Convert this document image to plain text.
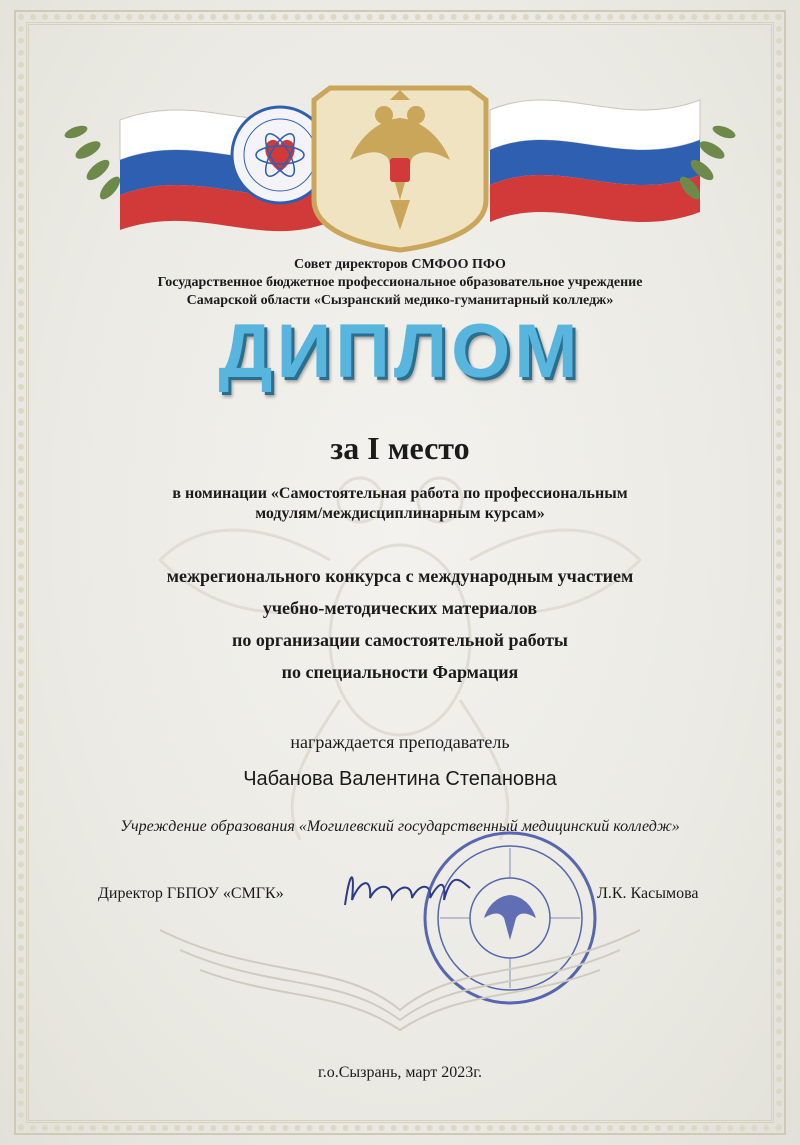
Совет директоров СМФОО ПФО
Государственное бюджетное профессиональное образовательное учреждение
Самарской области «Сызранский медико-гуманитарный колледж»
ДИПЛОМ
за I место
в номинации «Самостоятельная работа по профессиональным
модулям/междисциплинарным курсам»
межрегионального конкурса с международным участием
учебно-методических материалов
по организации самостоятельной работы
по специальности Фармация
награждается преподаватель
Чабанова Валентина Степановна
Учреждение образования «Могилевский государственный медицинский колледж»
Директор ГБПОУ «СМГК»	Л.К. Касымова
г.о.Сызрань, март 2023г.
